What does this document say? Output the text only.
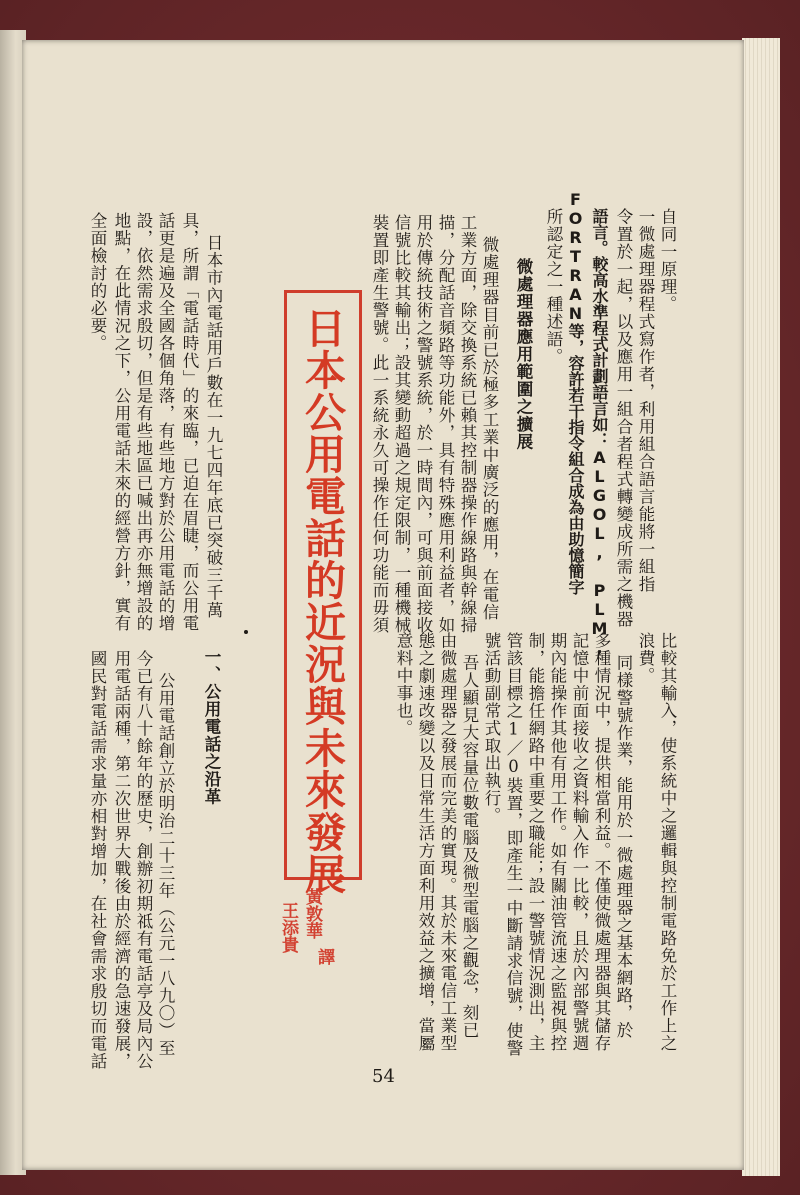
自同一原理。
一微處理器程式寫作者，利用組合語言能將一組指
令置於一起，以及應用一組合者程式轉變成所需之機器
語言。較高水準程式計劃語言如：ALGOL, PLM,
FORTRAN等，容許若干指令組合成為由助憶簡字
所認定之一種述語。
微處理器應用範圍之擴展
微處理器目前已於極多工業中廣泛的應用，在電信
工業方面，除交換系統已賴其控制器操作線路與幹線掃
描，分配話音頻路等功能外，具有特殊應用利益者，如
用於傳統技術之警號系統，於一時間內，可與前面接收
信號比較其輸出；設其變動超過之規定限制，一種機械
裝置即產生警號。此一系統永久可操作任何功能而毋須
比較其輸入，使系統中之邏輯與控制電路免於工作上之
浪費。
同樣警號作業，能用於一微處理器之基本網路，於
多種情況中，提供相當利益。不僅使微處理器與其儲存
記憶中前面接收之資料輸入作一比較，且於內部警號週
期內能操作其他有用工作。如有關油管流速之監視與控
制，能擔任網路中重要之職能；設一警號情況測出，主
管該目標之1／0裝置，即產生一中斷請求信號，使警
號活動副常式取出執行。
吾人顯見大容量位數電腦及微型電腦之觀念，刻已
由微處理器之發展而完美的實現。其於未來電信工業型
態之劇速改變以及日常生活方面利用效益之擴增，當屬
意料中事也。
日本公用電話的近況與未來發展
黃敦華
王添貴
譯
具，所謂「電話時代」的來臨，已迫在眉睫，而公用電 日本市內電話用戶數在一九七四年底已突破三千萬
話更是遍及全國各個角落，有些地方對於公用電話的增
設，依然需求殷切，但是有些地區已喊出再亦無增設的
地點，在此情況之下，公用電話未來的經營方針，實有
全面檢討的必要。
一、公用電話之沿革
公用電話創立於明治二十三年（公元一八九〇）至
今已有八十餘年的歷史，創辦初期祗有電話亭及局內公
用電話兩種，第二次世界大戰後由於經濟的急速發展，
國民對電話需求量亦相對增加，在社會需求殷切而電話
54
